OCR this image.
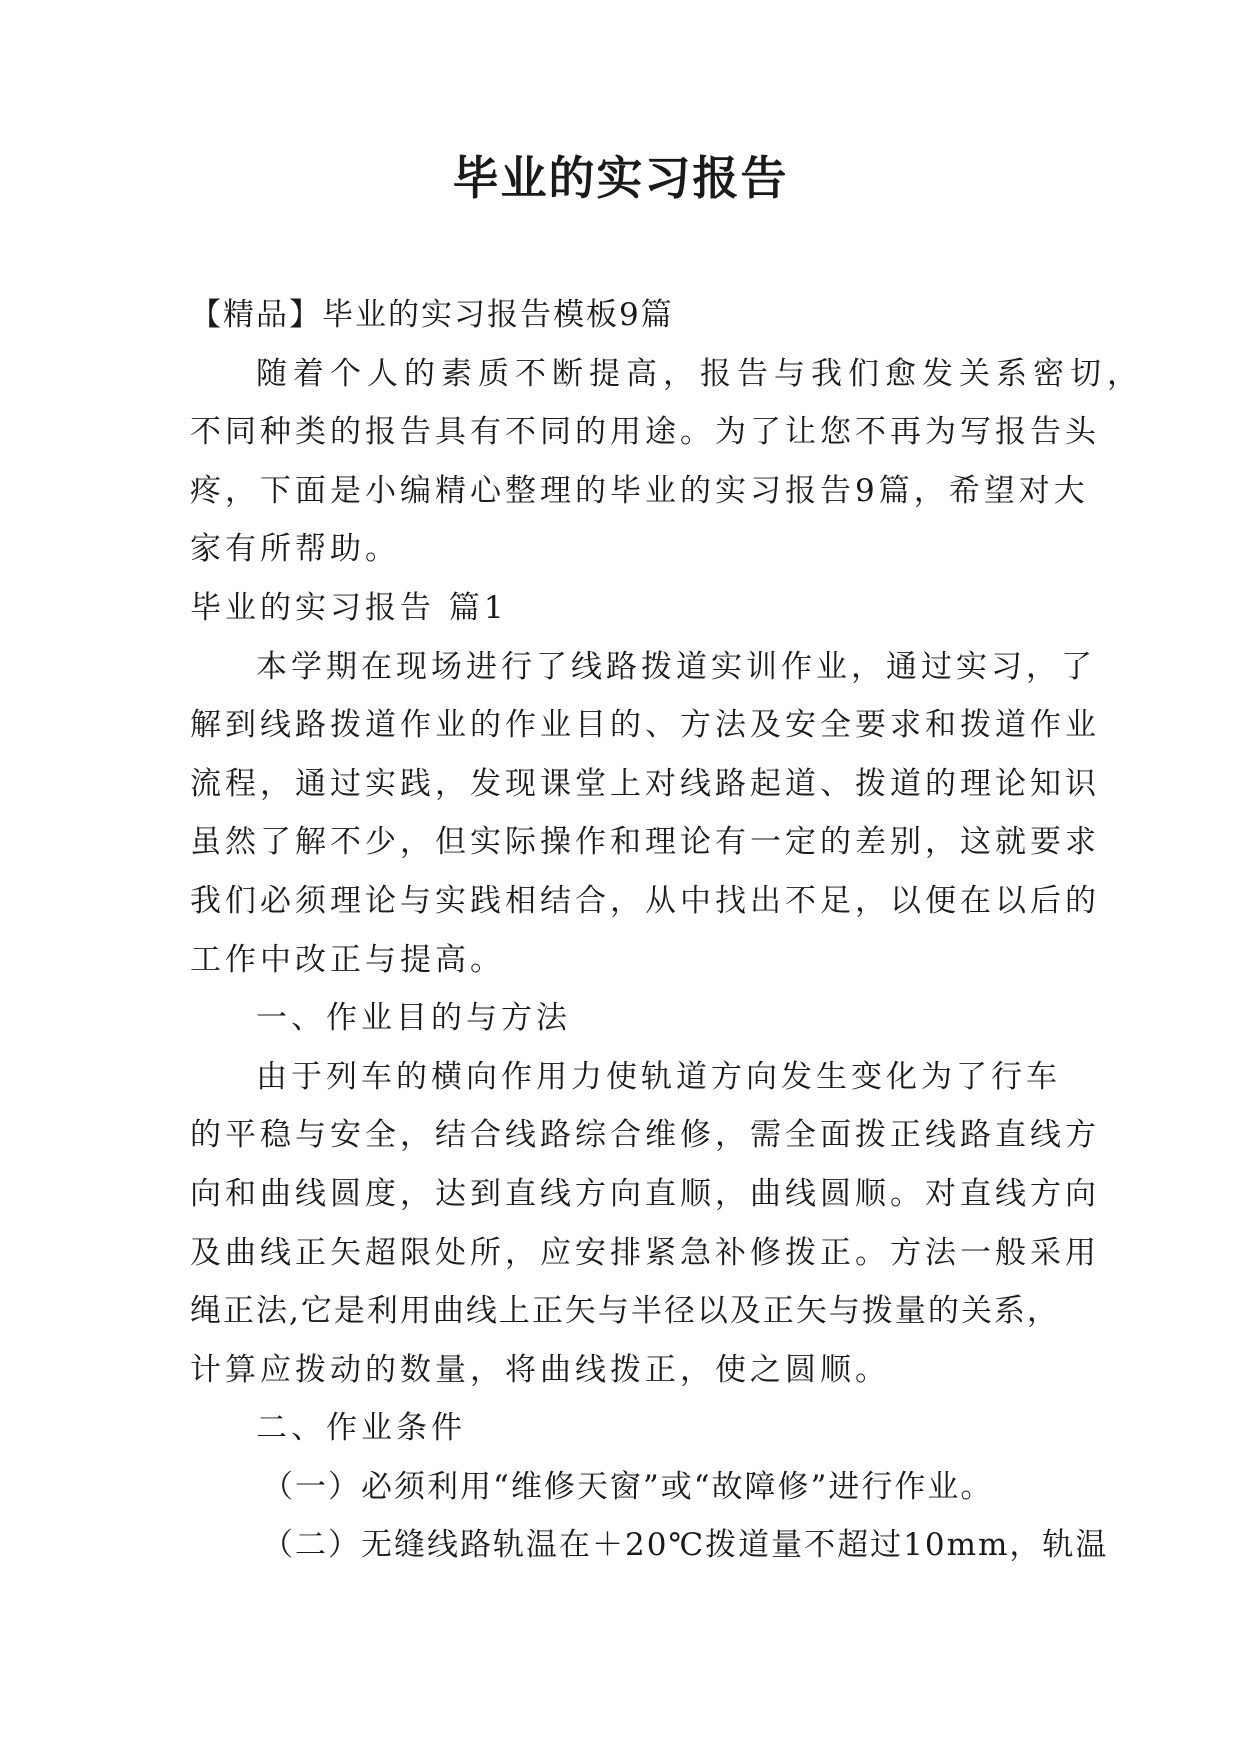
毕业的实习报告
【精品】毕业的实习报告模板9篇
随着个人的素质不断提高，报告与我们愈发关系密切，
不同种类的报告具有不同的用途。为了让您不再为写报告头
疼，下面是小编精心整理的毕业的实习报告9篇，希望对大
家有所帮助。
毕业的实习报告 篇1
本学期在现场进行了线路拨道实训作业，通过实习，了
解到线路拨道作业的作业目的、方法及安全要求和拨道作业
流程，通过实践，发现课堂上对线路起道、拨道的理论知识
虽然了解不少，但实际操作和理论有一定的差别，这就要求
我们必须理论与实践相结合，从中找出不足，以便在以后的
工作中改正与提高。
一、作业目的与方法
由于列车的横向作用力使轨道方向发生变化为了行车
的平稳与安全，结合线路综合维修，需全面拨正线路直线方
向和曲线圆度，达到直线方向直顺，曲线圆顺。对直线方向
及曲线正矢超限处所，应安排紧急补修拨正。方法一般采用
绳正法,它是利用曲线上正矢与半径以及正矢与拨量的关系，
计算应拨动的数量，将曲线拨正，使之圆顺。
二、作业条件
（一）必须利用“维修天窗”或“故障修”进行作业。
（二）无缝线路轨温在＋20℃拨道量不超过10mm，轨温
